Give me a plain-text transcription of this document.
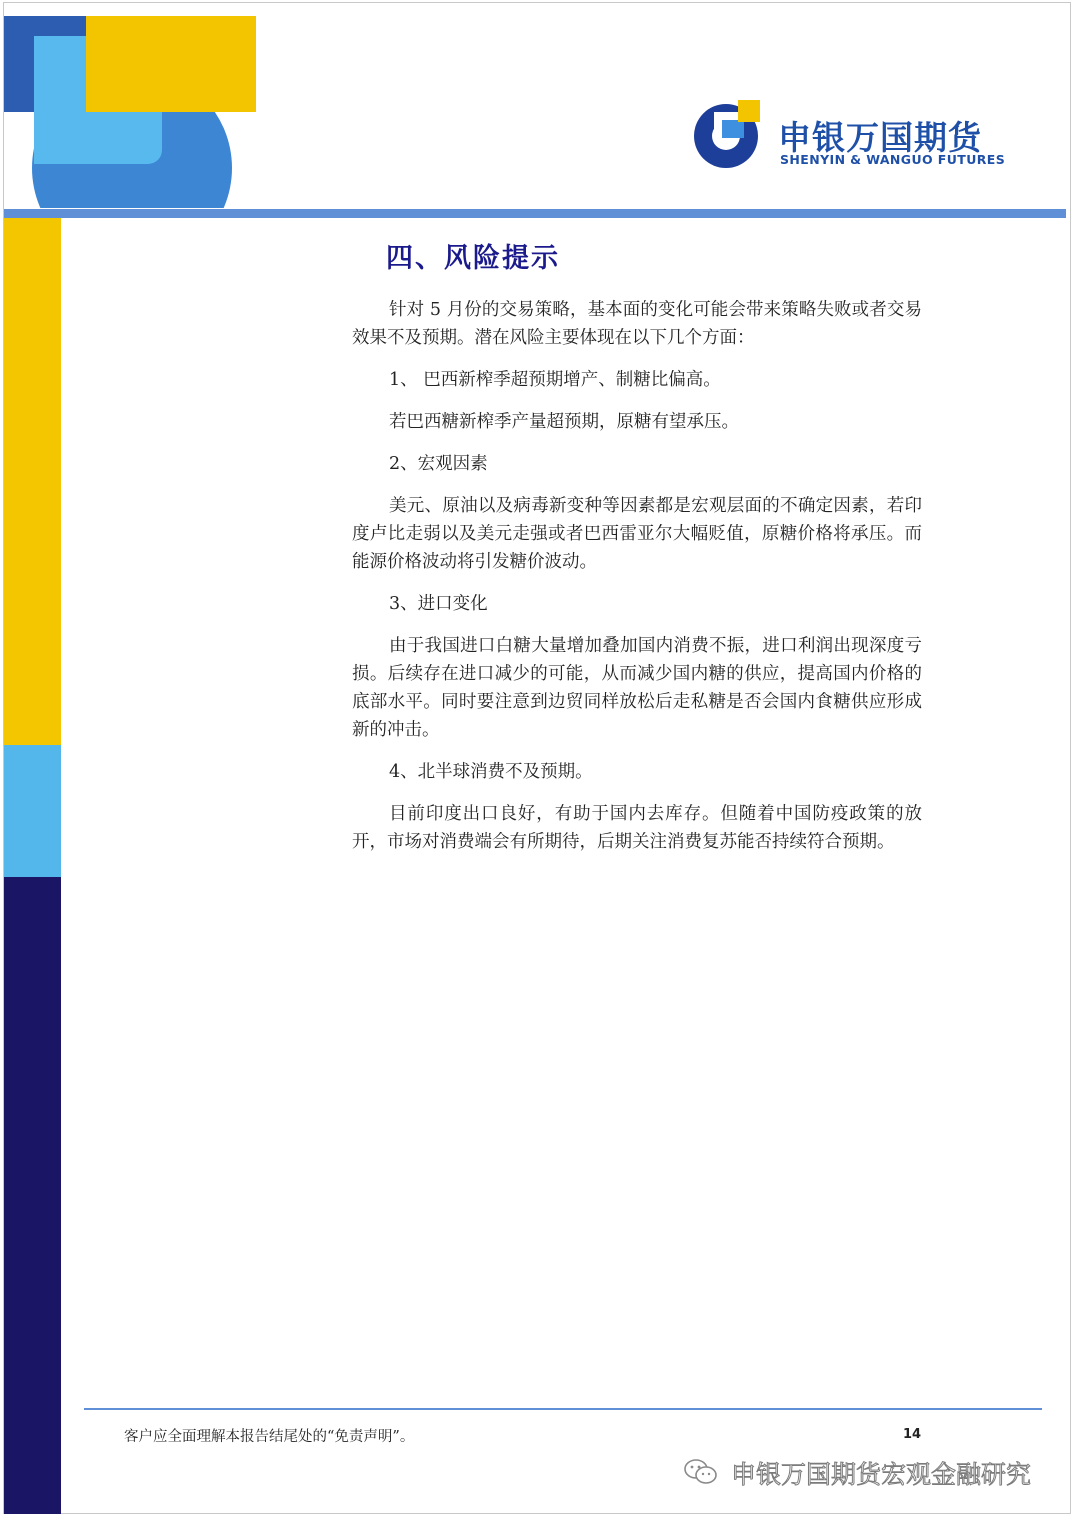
申银万国期货
SHENYIN & WANGUO FUTURES
四、风险提示

针对 5 月份的交易策略，基本面的变化可能会带来策略失败或者交易效果不及预期。潜在风险主要体现在以下几个方面：

1、 巴西新榨季超预期增产、制糖比偏高。

若巴西糖新榨季产量超预期，原糖有望承压。

2、宏观因素

美元、原油以及病毒新变种等因素都是宏观层面的不确定因素，若印度卢比走弱以及美元走强或者巴西雷亚尔大幅贬值，原糖价格将承压。而能源价格波动将引发糖价波动。

3、进口变化

由于我国进口白糖大量增加叠加国内消费不振，进口利润出现深度亏损。后续存在进口减少的可能，从而减少国内糖的供应，提高国内价格的底部水平。同时要注意到边贸同样放松后走私糖是否会国内食糖供应形成新的冲击。

4、北半球消费不及预期。

目前印度出口良好，有助于国内去库存。但随着中国防疫政策的放开，市场对消费端会有所期待，后期关注消费复苏能否持续符合预期。

客户应全面理解本报告结尾处的“免责声明”。	14
申银万国期货宏观金融研究
